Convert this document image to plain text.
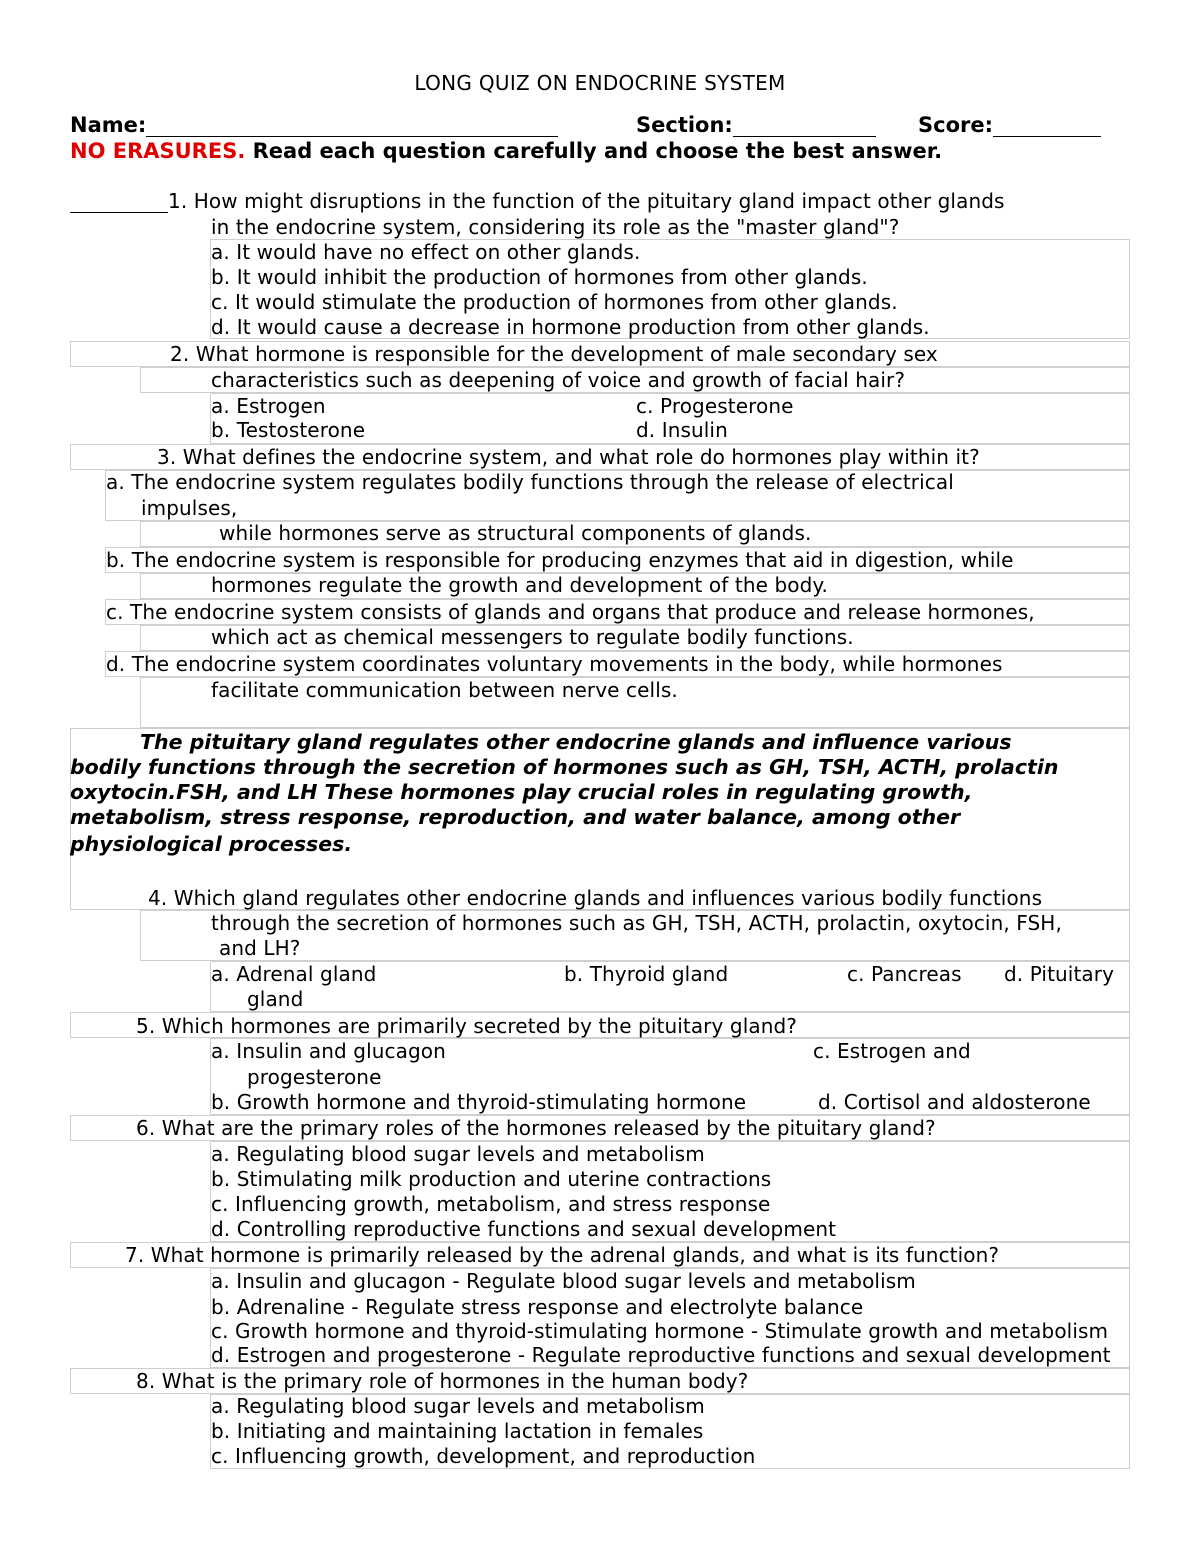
LONG QUIZ ON ENDOCRINE SYSTEM
Name:	Section:	Score:
NO ERASURES. Read each question carefully and choose the best answer.
1. How might disruptions in the function of the pituitary gland impact other glands
in the endocrine system, considering its role as the "master gland"?
a. It would have no effect on other glands.
b. It would inhibit the production of hormones from other glands.
c. It would stimulate the production of hormones from other glands.
d. It would cause a decrease in hormone production from other glands.
2. What hormone is responsible for the development of male secondary sex
characteristics such as deepening of voice and growth of facial hair?
a. Estrogen	c. Progesterone
b. Testosterone	d. Insulin
3. What defines the endocrine system, and what role do hormones play within it?
a. The endocrine system regulates bodily functions through the release of electrical
impulses,
while hormones serve as structural components of glands.
b. The endocrine system is responsible for producing enzymes that aid in digestion, while
hormones regulate the growth and development of the body.
c. The endocrine system consists of glands and organs that produce and release hormones,
which act as chemical messengers to regulate bodily functions.
d. The endocrine system coordinates voluntary movements in the body, while hormones
facilitate communication between nerve cells.
The pituitary gland regulates other endocrine glands and influence various
bodily functions through the secretion of hormones such as GH, TSH, ACTH, prolactin
oxytocin.FSH, and LH These hormones play crucial roles in regulating growth,
metabolism, stress response, reproduction, and water balance, among other
physiological processes.
4. Which gland regulates other endocrine glands and influences various bodily functions
through the secretion of hormones such as GH, TSH, ACTH, prolactin, oxytocin, FSH,
and LH?
a. Adrenal gland	b. Thyroid gland	c. Pancreas d. Pituitary
gland
5. Which hormones are primarily secreted by the pituitary gland?
a. Insulin and glucagon	c. Estrogen and
progesterone
b. Growth hormone and thyroid-stimulating hormone	d. Cortisol and aldosterone
6. What are the primary roles of the hormones released by the pituitary gland?
a. Regulating blood sugar levels and metabolism
b. Stimulating milk production and uterine contractions
c. Influencing growth, metabolism, and stress response
d. Controlling reproductive functions and sexual development
7. What hormone is primarily released by the adrenal glands, and what is its function?
a. Insulin and glucagon - Regulate blood sugar levels and metabolism
b. Adrenaline - Regulate stress response and electrolyte balance
c. Growth hormone and thyroid-stimulating hormone - Stimulate growth and metabolism
d. Estrogen and progesterone - Regulate reproductive functions and sexual development
8. What is the primary role of hormones in the human body?
a. Regulating blood sugar levels and metabolism
b. Initiating and maintaining lactation in females
c. Influencing growth, development, and reproduction
